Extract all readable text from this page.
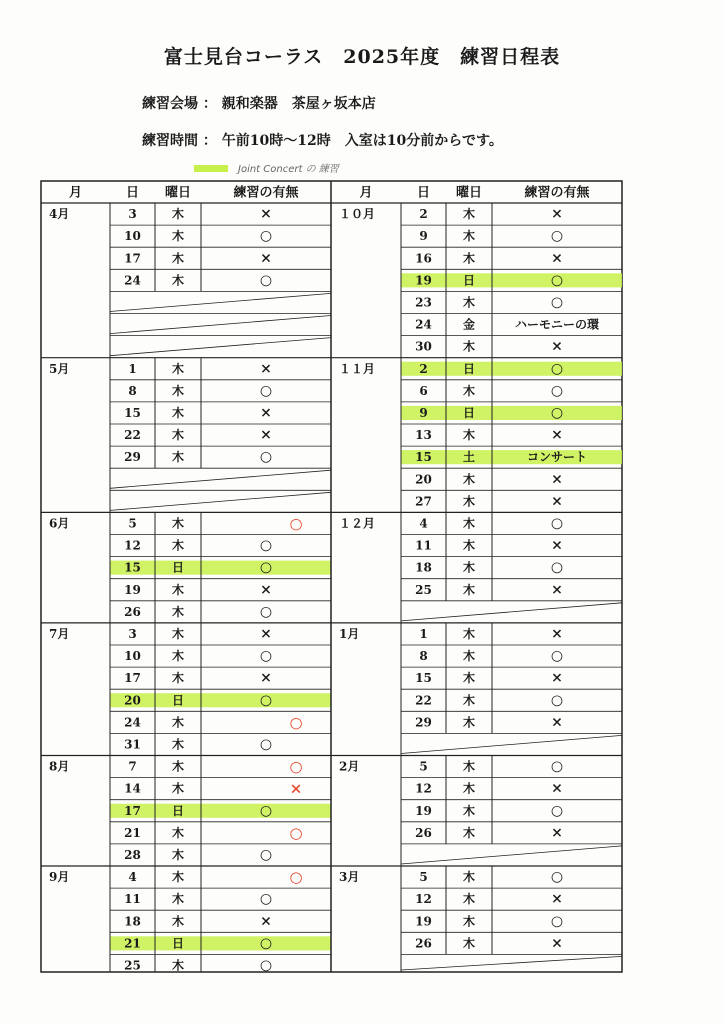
富士見台コーラス　2025年度　練習日程表
練習会場 ： 親和楽器　茶屋ヶ坂本店
練習時間 ： 午前10時～12時　入室は10分前からです。
Joint Concert の 練習
月	日 曜日	練習の有無	月	日 曜日	練習の有無
4月	3	木	×
10	木	○
17	木	×
24	木	○
5月	1	木	×
8	木	○
15	木	×
22	木	×
29	木	○
6月	5	木	○
12	木	○
15	日	○
19	木	×
26	木	○
7月	3	木	×
10	木	○
17	木	×
20	日	○
24	木	○
31	木	○
8月	7	木	○
14	木	×
17	日	○
21	木	○
28	木	○
9月	4	木	○
11	木	○
18	木	×
21	日	○
25	木	○
１０月	2	木	×
9	木	○
16	木	×
19	日	○
23	木	○
24	金	ハーモニーの環
30	木	×
１１月	2	日	○
6	木	○
9	日	○
13	木	×
15	土	コンサート
20	木	×
27	木	×
１２月	4	木	○
11	木	×
18	木	○
25	木	×
1月	1	木	×
8	木	○
15	木	×
22	木	○
29	木	×
2月	5	木	○
12	木	×
19	木	○
26	木	×
3月	5	木	○
12	木	×
19	木	○
26	木	×
